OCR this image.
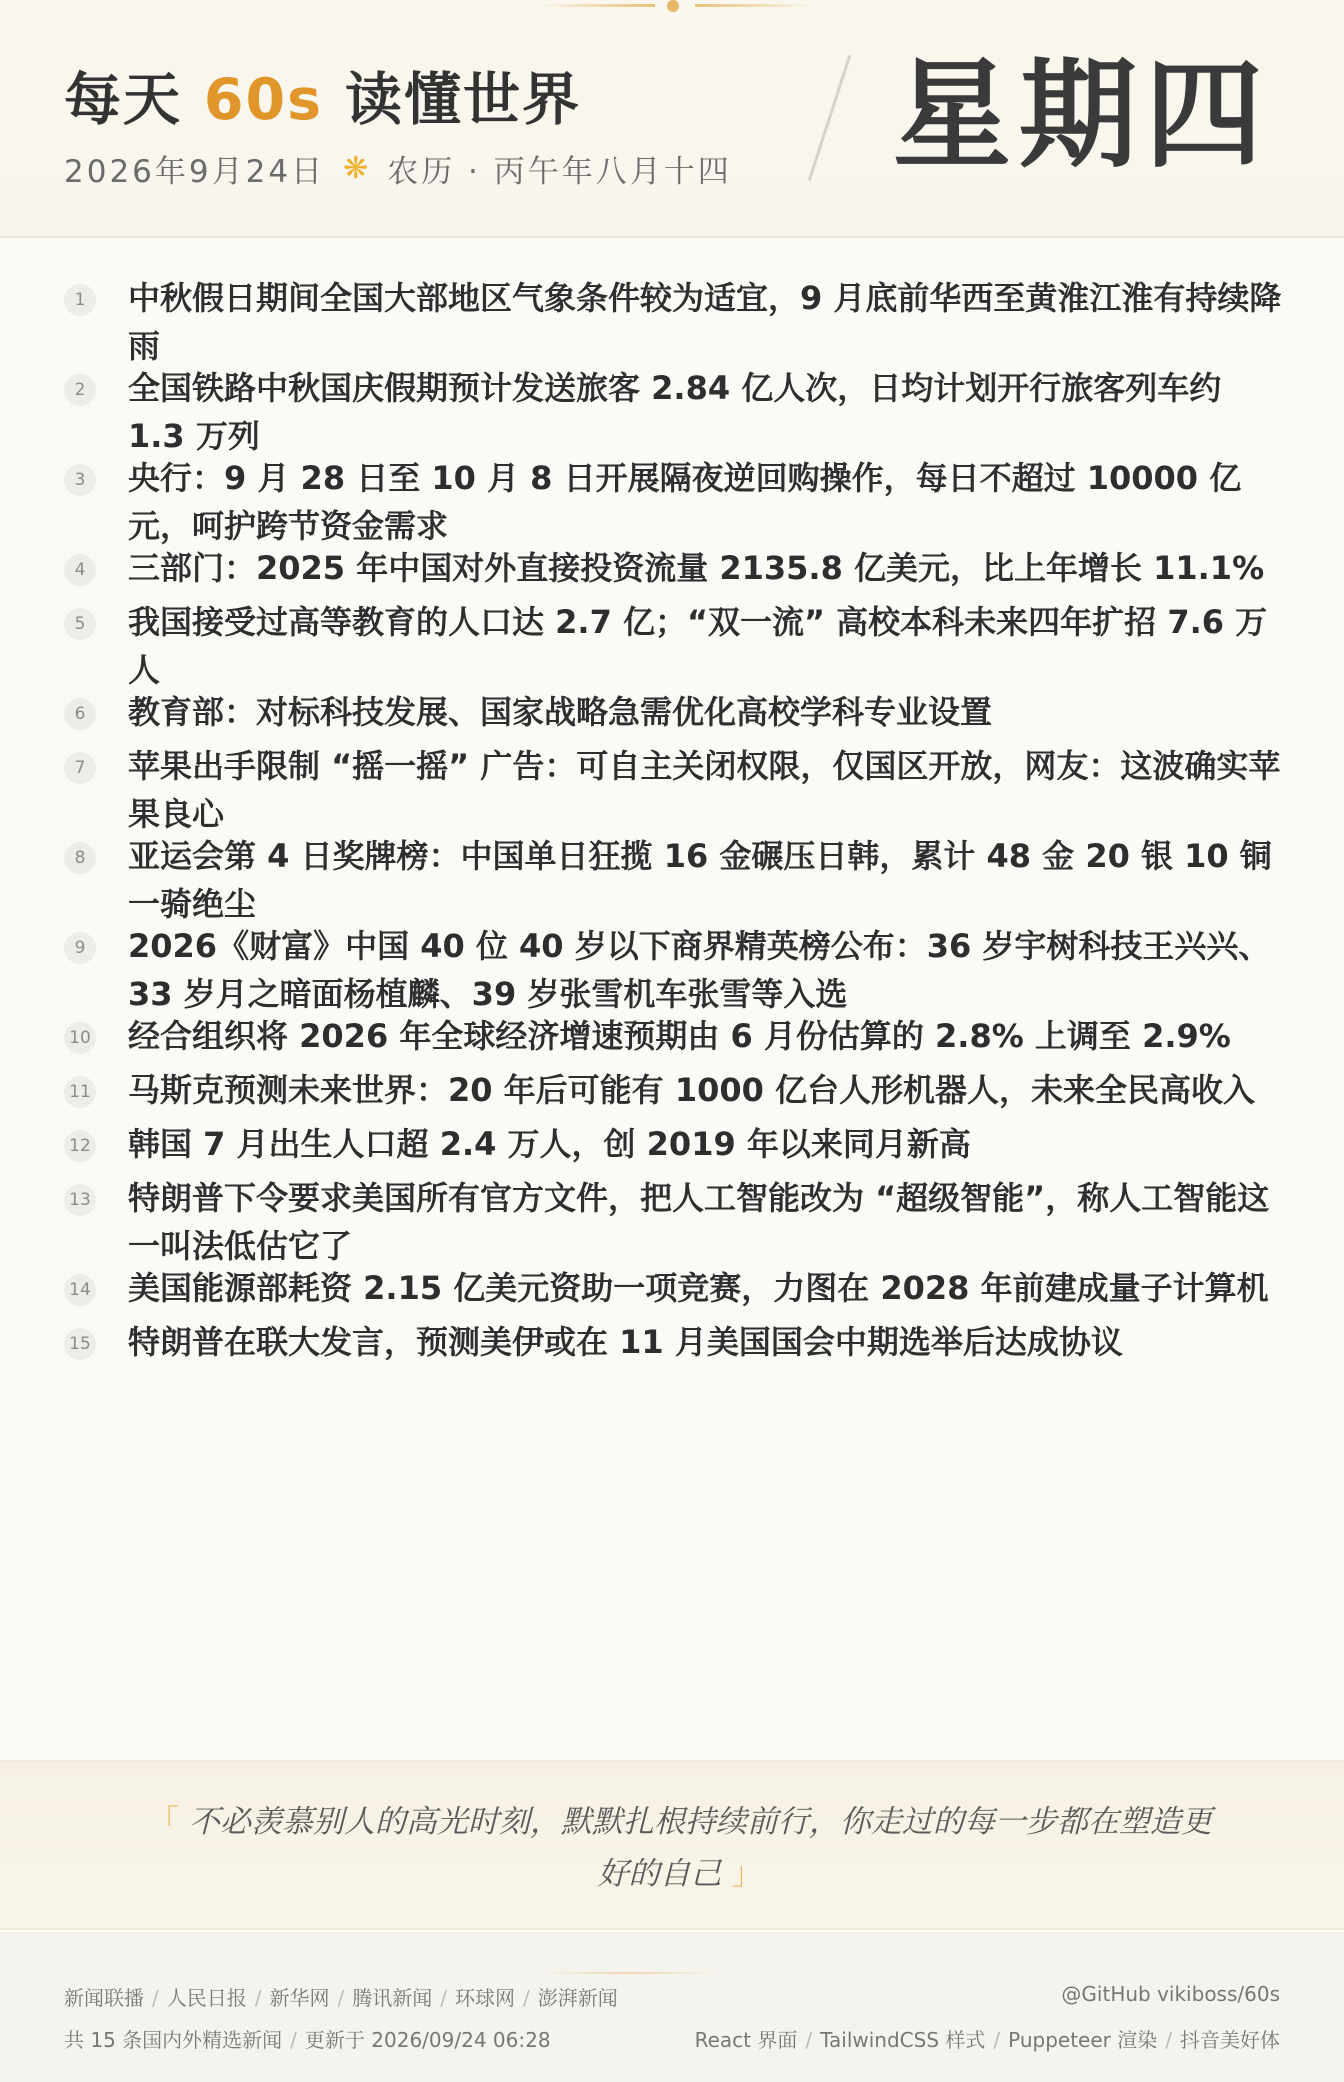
每天 60s 读懂世界
2026年9月24日 ❋ 农历 · 丙午年八月十四 星期四
1	中秋假日期间全国大部地区气象条件较为适宜，9 月底前华西至黄淮江淮有持续降雨
2	全国铁路中秋国庆假期预计发送旅客 2.84 亿人次，日均计划开行旅客列车约 1.3 万列
3	央行：9 月 28 日至 10 月 8 日开展隔夜逆回购操作，每日不超过 10000 亿元，呵护跨节资金需求
4	三部门：2025 年中国对外直接投资流量 2135.8 亿美元，比上年增长 11.1%
5	我国接受过高等教育的人口达 2.7 亿；“双一流” 高校本科未来四年扩招 7.6 万人
6	教育部：对标科技发展、国家战略急需优化高校学科专业设置
7	苹果出手限制 “摇一摇” 广告：可自主关闭权限，仅国区开放，网友：这波确实苹果良心
8	亚运会第 4 日奖牌榜：中国单日狂揽 16 金碾压日韩，累计 48 金 20 银 10 铜一骑绝尘
9	2026《财富》中国 40 位 40 岁以下商界精英榜公布：36 岁宇树科技王兴兴、33 岁月之暗面杨植麟、39 岁张雪机车张雪等入选
10 经合组织将 2026 年全球经济增速预期由 6 月份估算的 2.8% 上调至 2.9%
11 马斯克预测未来世界：20 年后可能有 1000 亿台人形机器人，未来全民高收入
12 韩国 7 月出生人口超 2.4 万人，创 2019 年以来同月新高
13 特朗普下令要求美国所有官方文件，把人工智能改为 “超级智能”，称人工智能这一叫法低估它了
14 美国能源部耗资 2.15 亿美元资助一项竞赛，力图在 2028 年前建成量子计算机
15 特朗普在联大发言，预测美伊或在 11 月美国国会中期选举后达成协议
「 不必羡慕别人的高光时刻，默默扎根持续前行，你走过的每一步都在塑造更好的自己 」
新闻联播 / 人民日报 / 新华网 / 腾讯新闻 / 环球网 / 澎湃新闻	@GitHub vikiboss/60s
共 15 条国内外精选新闻 / 更新于 2026/09/24 06:28	React 界面 / TailwindCSS 样式 / Puppeteer 渲染 / 抖音美好体
